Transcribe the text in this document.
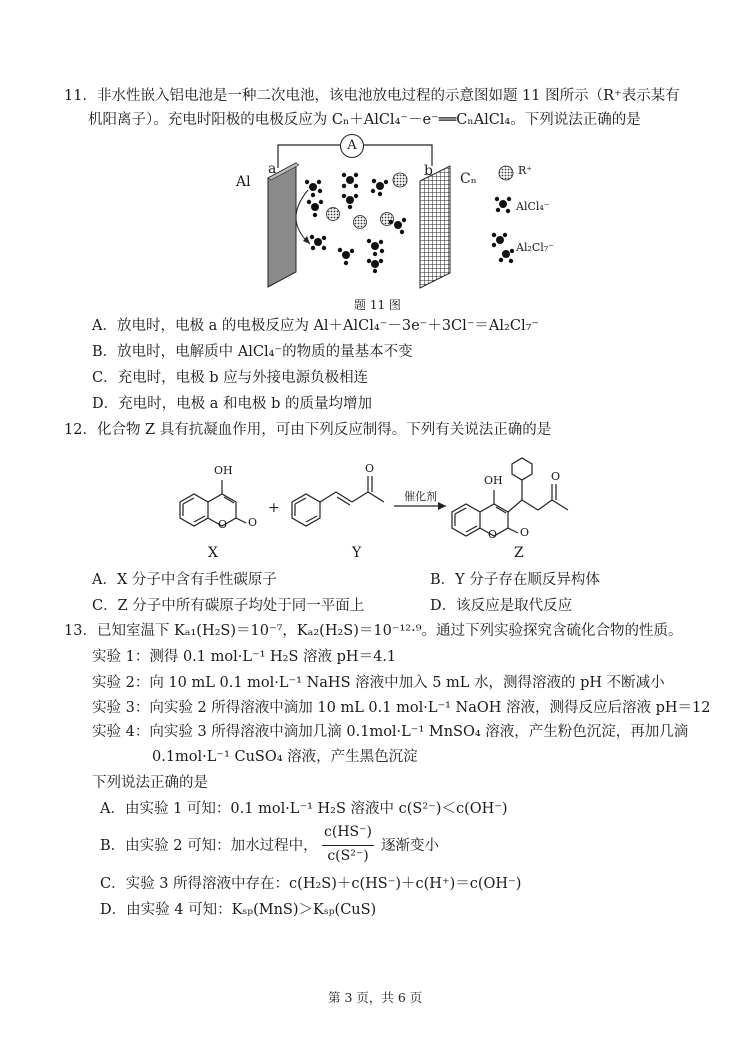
11．非水性嵌入铝电池是一种二次电池，该电池放电过程的示意图如题 11 图所示（R⁺表示某有
机阳离子）。充电时阳极的电极反应为 Cₙ＋AlCl₄⁻－e⁻══CₙAlCl₄。下列说法正确的是
A
Al
a	b Cₙ
R⁺
AlCl₄⁻
Al₂Cl₇⁻
题 11 图
A．放电时，电极 a 的电极反应为 Al＋AlCl₄⁻－3e⁻＋3Cl⁻＝Al₂Cl₇⁻
B．放电时，电解质中 AlCl₄⁻的物质的量基本不变
C．充电时，电极 b 应与外接电源负极相连
D．充电时，电极 a 和电极 b 的质量均增加
12．化合物 Z 具有抗凝血作用，可由下列反应制得。下列有关说法正确的是
OH
O O
O
OH
O O
O
+
催化剂
X	Y	Z
A．X 分子中含有手性碳原子	B．Y 分子存在顺反异构体
C．Z 分子中所有碳原子均处于同一平面上	D．该反应是取代反应
13．已知室温下 Kₐ₁(H₂S)＝10⁻⁷，Kₐ₂(H₂S)＝10⁻¹²·⁹。通过下列实验探究含硫化合物的性质。
实验 1：测得 0.1 mol·L⁻¹ H₂S 溶液 pH＝4.1
实验 2：向 10 mL 0.1 mol·L⁻¹ NaHS 溶液中加入 5 mL 水，测得溶液的 pH 不断减小
实验 3：向实验 2 所得溶液中滴加 10 mL 0.1 mol·L⁻¹ NaOH 溶液，测得反应后溶液 pH＝12
实验 4：向实验 3 所得溶液中滴加几滴 0.1mol·L⁻¹ MnSO₄ 溶液，产生粉色沉淀，再加几滴
0.1mol·L⁻¹ CuSO₄ 溶液，产生黑色沉淀
下列说法正确的是
A．由实验 1 可知：0.1 mol·L⁻¹ H₂S 溶液中 c(S²⁻)＜c(OH⁻)
B．由实验 2 可知：加水过程中，
c(HS⁻)
c(S²⁻)
逐渐变小
C．实验 3 所得溶液中存在：c(H₂S)＋c(HS⁻)＋c(H⁺)＝c(OH⁻)
D．由实验 4 可知：Kₛₚ(MnS)＞Kₛₚ(CuS)
第 3 页，共 6 页
